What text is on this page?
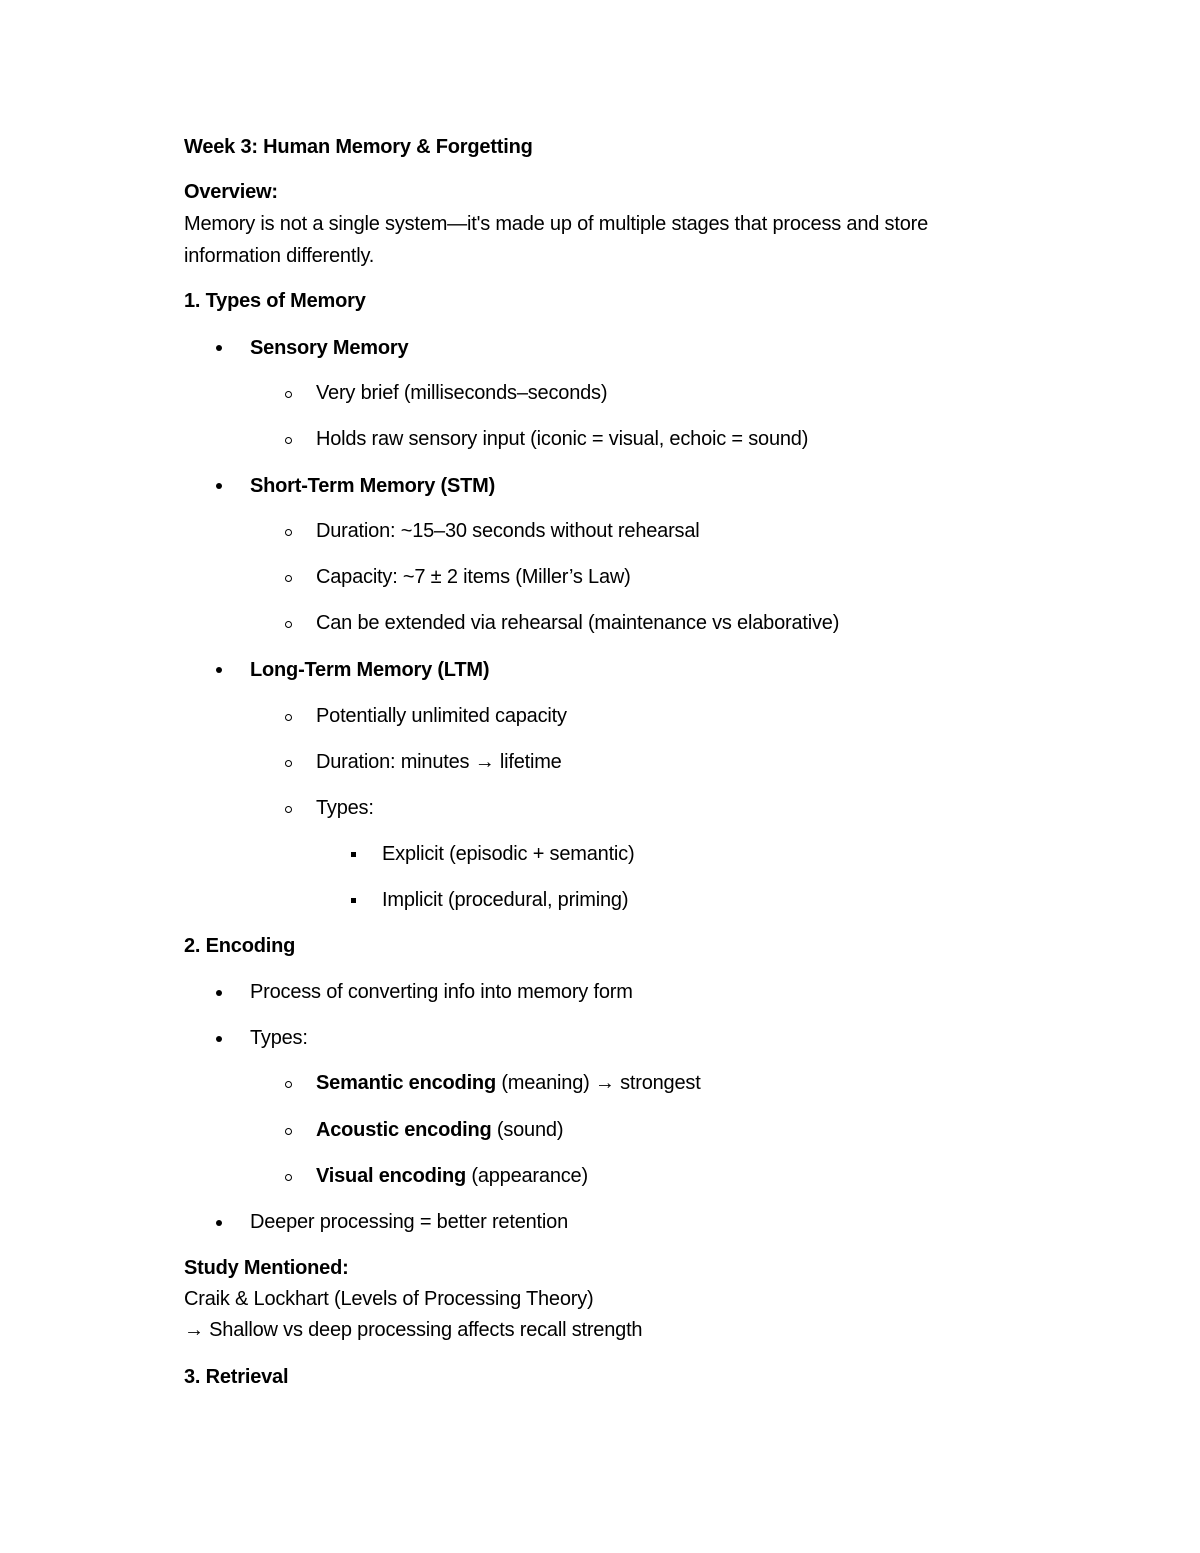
Week 3: Human Memory & Forgetting
Overview:
Memory is not a single system—it's made up of multiple stages that process and store
information differently.
1. Types of Memory
Sensory Memory
Very brief (milliseconds–seconds)
Holds raw sensory input (iconic = visual, echoic = sound)
Short-Term Memory (STM)
Duration: ~15–30 seconds without rehearsal
Capacity: ~7 ± 2 items (Miller’s Law)
Can be extended via rehearsal (maintenance vs elaborative)
Long-Term Memory (LTM)
Potentially unlimited capacity
Duration: minutes → lifetime
Types:
Explicit (episodic + semantic)
Implicit (procedural, priming)
2. Encoding
Process of converting info into memory form
Types:
Semantic encoding (meaning) → strongest
Acoustic encoding (sound)
Visual encoding (appearance)
Deeper processing = better retention
Study Mentioned:
Craik & Lockhart (Levels of Processing Theory)
→ Shallow vs deep processing affects recall strength
3. Retrieval
